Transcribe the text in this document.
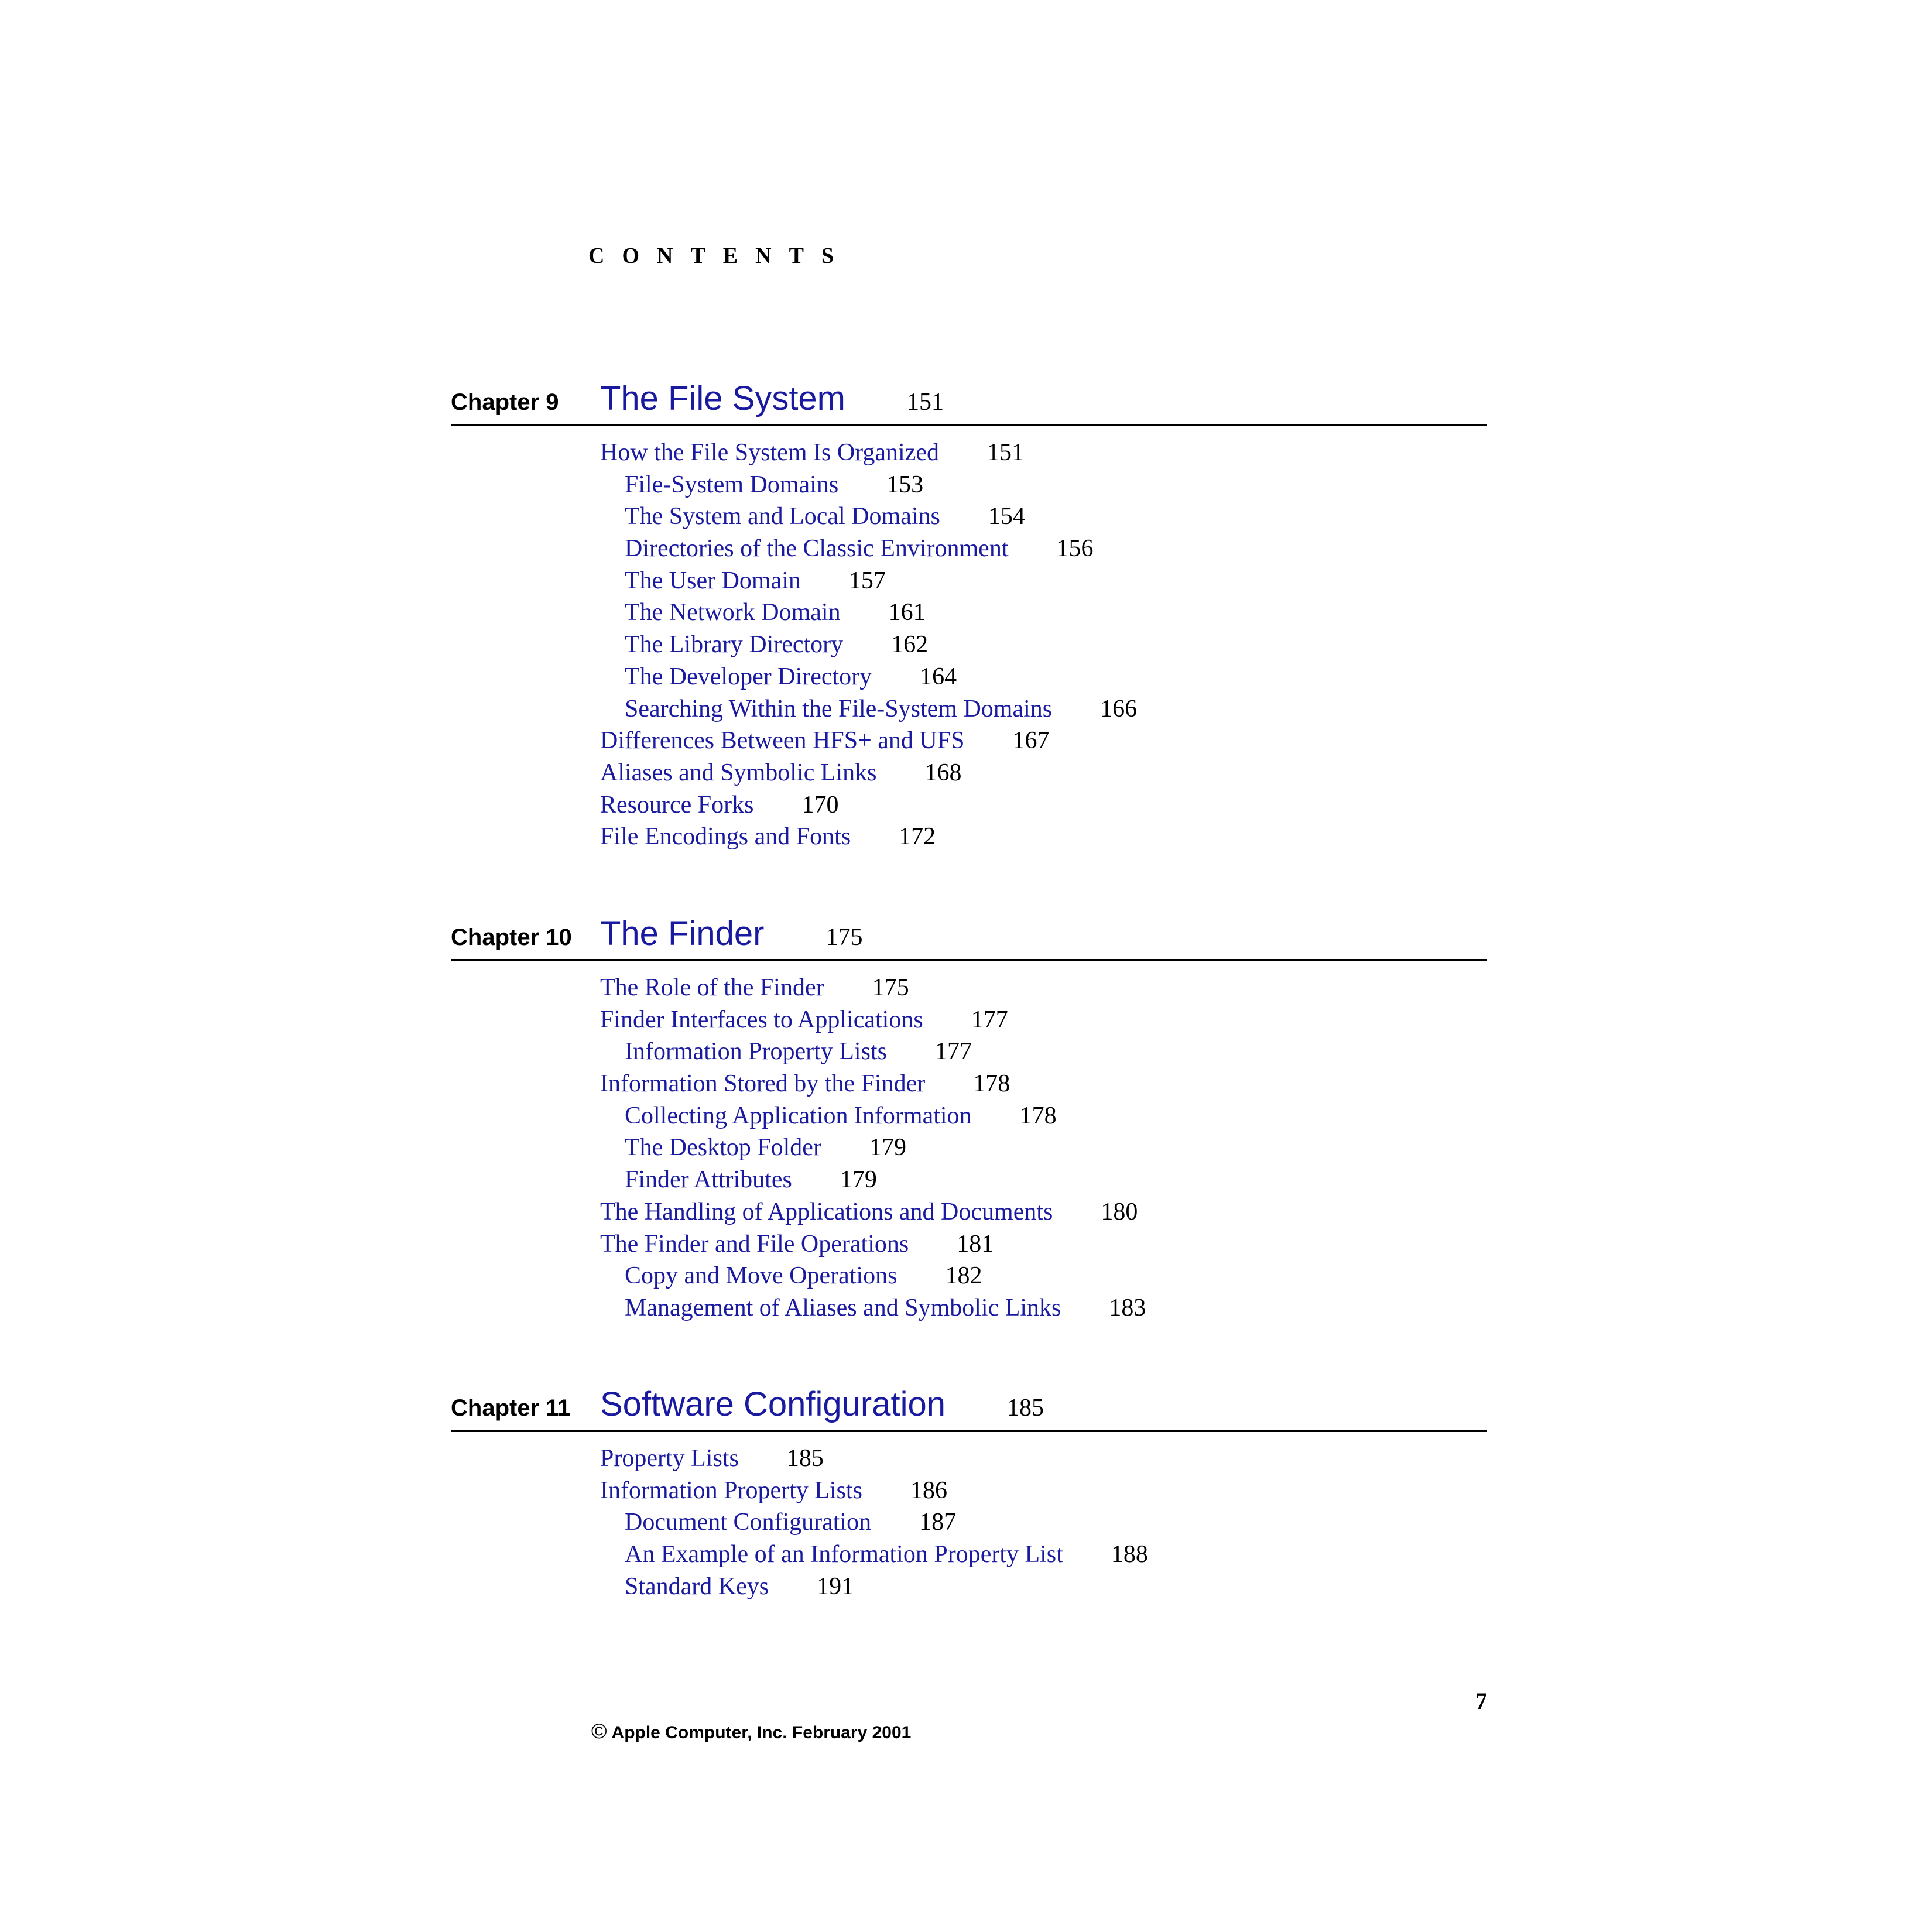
CONTENTS
Chapter 9 The File System	151
How the File System Is Organized 151
File-System Domains 153
The System and Local Domains 154
Directories of the Classic Environment 156
The User Domain 157
The Network Domain 161
The Library Directory 162
The Developer Directory 164
Searching Within the File-System Domains 166
Differences Between HFS+ and UFS 167
Aliases and Symbolic Links 168
Resource Forks 170
File Encodings and Fonts 172
Chapter 10 The Finder	175
The Role of the Finder 175
Finder Interfaces to Applications 177
Information Property Lists 177
Information Stored by the Finder 178
Collecting Application Information 178
The Desktop Folder 179
Finder Attributes 179
The Handling of Applications and Documents 180
The Finder and File Operations 181
Copy and Move Operations 182
Management of Aliases and Symbolic Links 183
Chapter 11 Software Configuration	185
Property Lists 185
Information Property Lists 186
Document Configuration 187
An Example of an Information Property List 188
Standard Keys 191
7
© Apple Computer, Inc. February 2001
